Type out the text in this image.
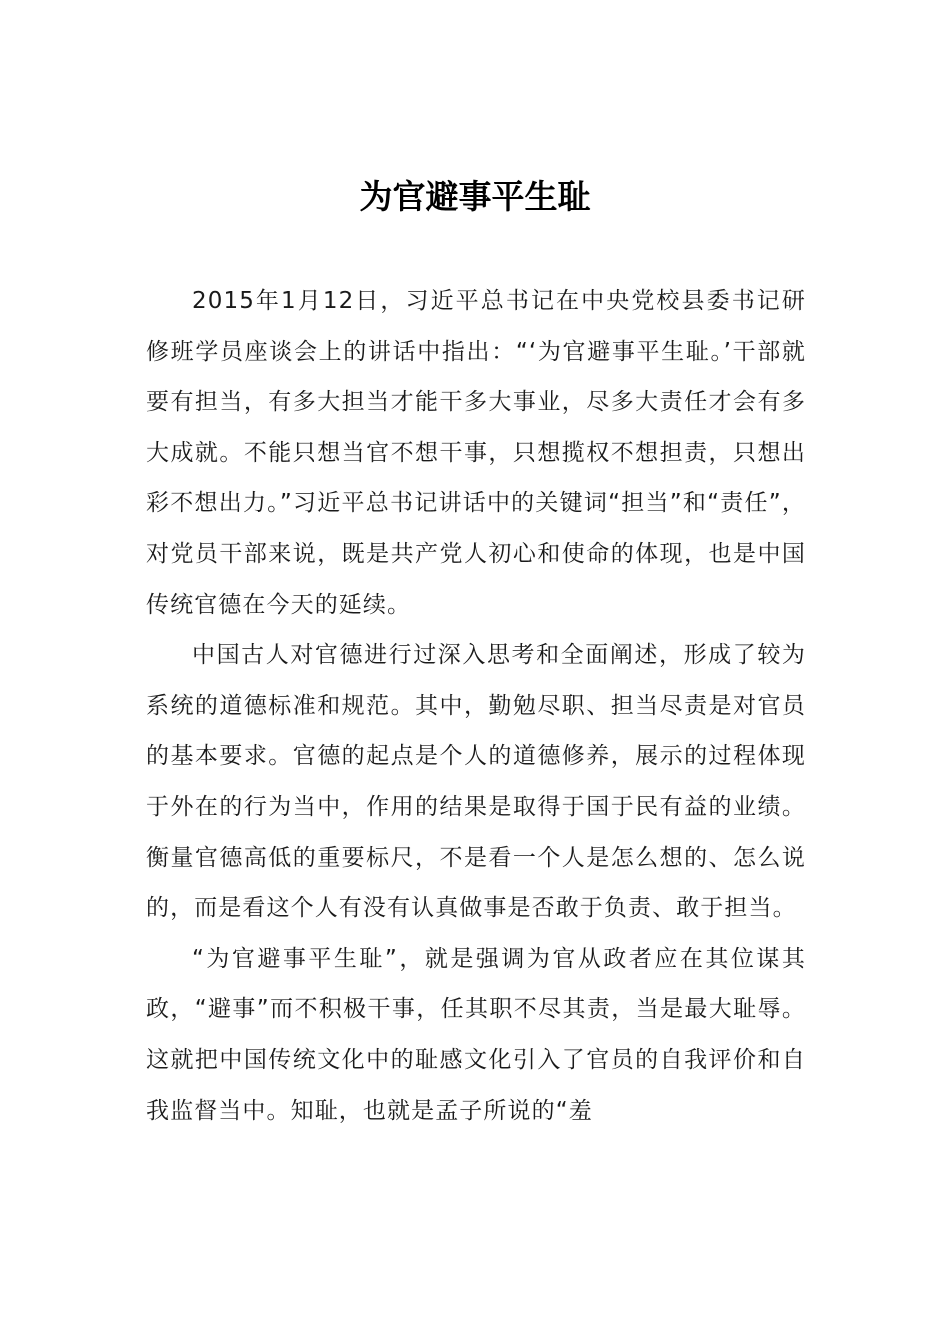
为官避事平生耻

2015年1月12日，习近平总书记在中央党校县委书记研修班学员座谈会上的讲话中指出：“‘为官避事平生耻。’干部就要有担当，有多大担当才能干多大事业，尽多大责任才会有多大成就。不能只想当官不想干事，只想揽权不想担责，只想出彩不想出力。”习近平总书记讲话中的关键词“担当”和“责任”，对党员干部来说，既是共产党人初心和使命的体现，也是中国传统官德在今天的延续。

中国古人对官德进行过深入思考和全面阐述，形成了较为系统的道德标准和规范。其中，勤勉尽职、担当尽责是对官员的基本要求。官德的起点是个人的道德修养，展示的过程体现于外在的行为当中，作用的结果是取得于国于民有益的业绩。衡量官德高低的重要标尺，不是看一个人是怎么想的、怎么说的，而是看这个人有没有认真做事是否敢于负责、敢于担当。

“为官避事平生耻”，就是强调为官从政者应在其位谋其政，“避事”而不积极干事，任其职不尽其责，当是最大耻辱。这就把中国传统文化中的耻感文化引入了官员的自我评价和自我监督当中。知耻，也就是孟子所说的“羞
